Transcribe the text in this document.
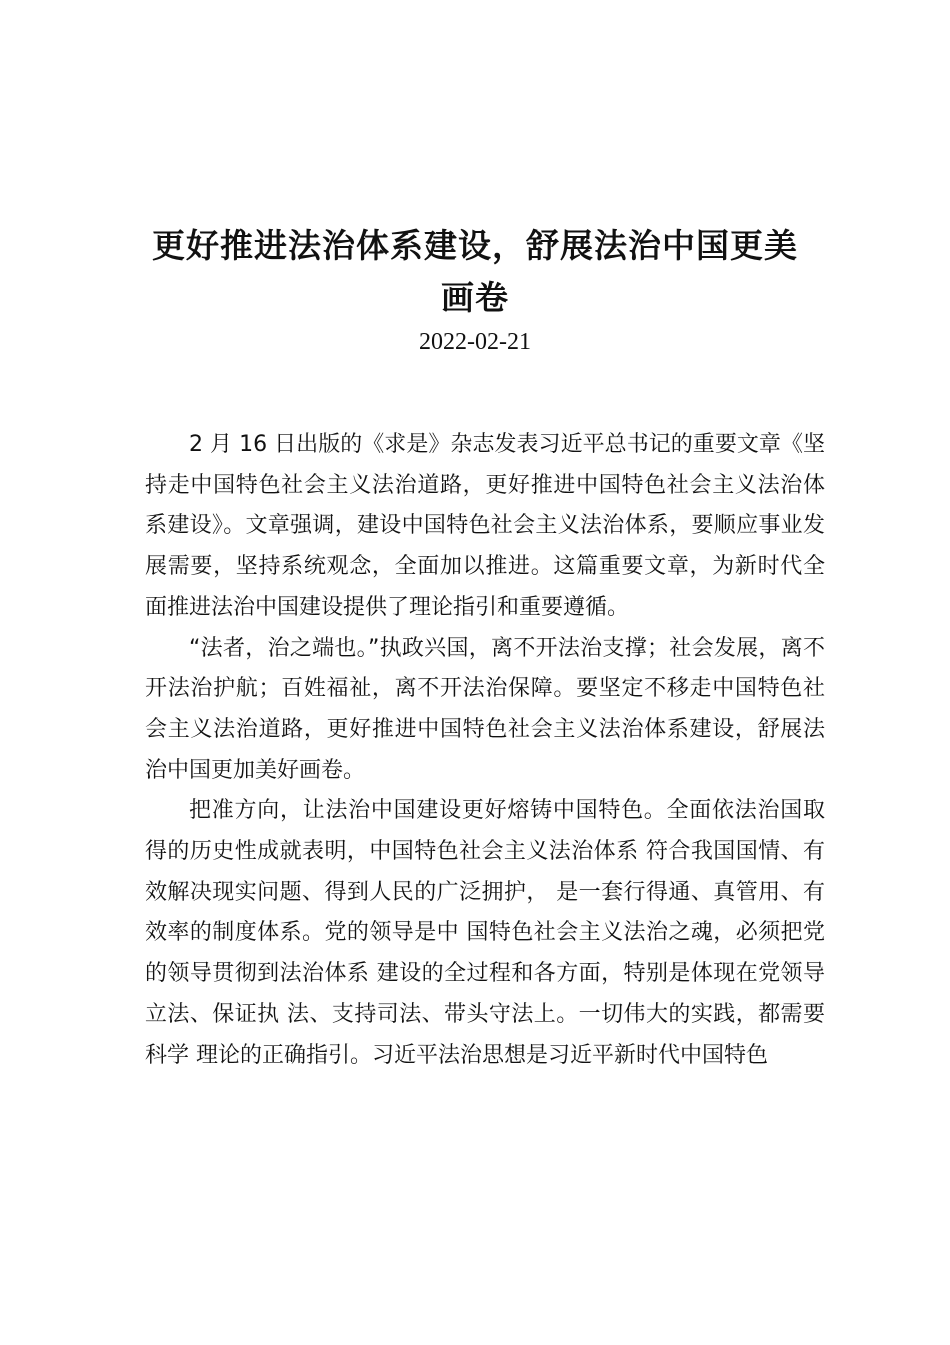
更好推进法治体系建设，舒展法治中国更美画卷
2022-02-21

2 月 16 日出版的《求是》杂志发表习近平总书记的重要文章《坚持走中国特色社会主义法治道路，更好推进中国特色社会主义法治体系建设》。文章强调，建设中国特色社会主义法治体系，要顺应事业发展需要，坚持系统观念，全面加以推进。这篇重要文章，为新时代全面推进法治中国建设提供了理论指引和重要遵循。

“法者，治之端也。”执政兴国，离不开法治支撑；社会发展，离不开法治护航；百姓福祉，离不开法治保障。要坚定不移走中国特色社会主义法治道路，更好推进中国特色社会主义法治体系建设，舒展法治中国更加美好画卷。

把准方向，让法治中国建设更好熔铸中国特色。全面依法治国取得的历史性成就表明，中国特色社会主义法治体系 符合我国国情、有效解决现实问题、得到人民的广泛拥护， 是一套行得通、真管用、有效率的制度体系。党的领导是中 国特色社会主义法治之魂，必须把党的领导贯彻到法治体系 建设的全过程和各方面，特别是体现在党领导立法、保证执 法、支持司法、带头守法上。一切伟大的实践，都需要科学 理论的正确指引。习近平法治思想是习近平新时代中国特色
